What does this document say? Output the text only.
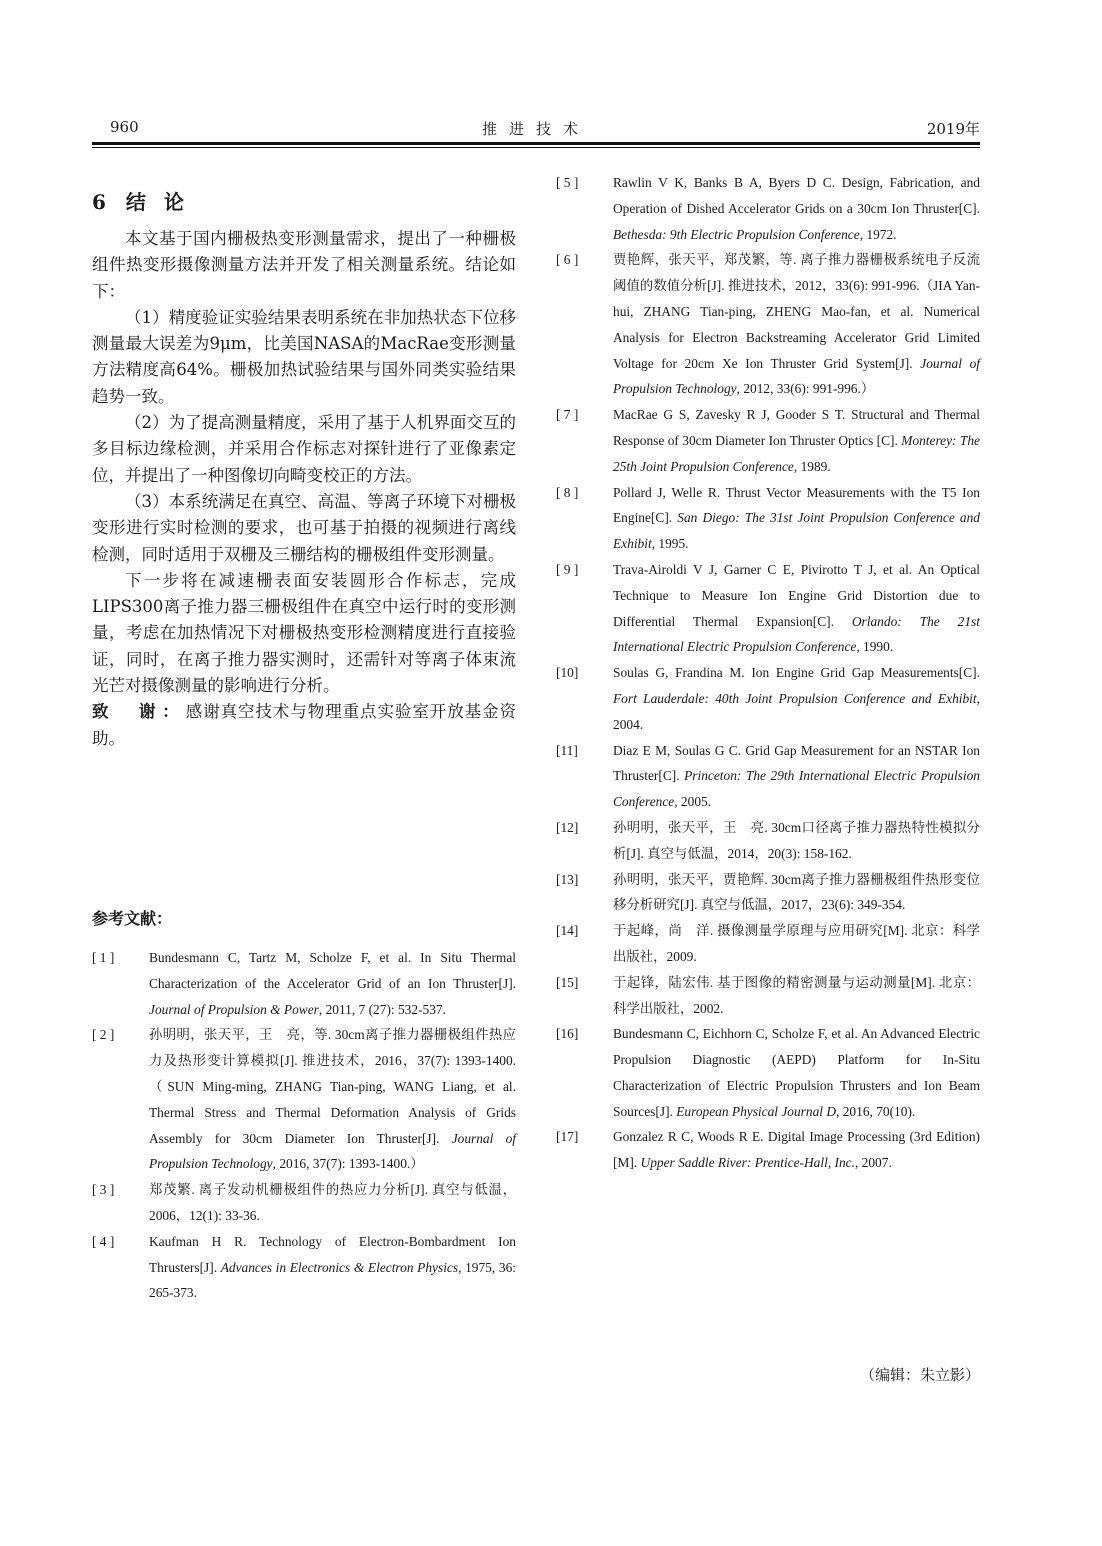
960	推进技术	2019年
6 结论

本文基于国内栅极热变形测量需求，提出了一种栅极组件热变形摄像测量方法并开发了相关测量系统。结论如下：

（1）精度验证实验结果表明系统在非加热状态下位移测量最大误差为9μm，比美国NASA的MacRae变形测量方法精度高64%。栅极加热试验结果与国外同类实验结果趋势一致。

（2）为了提高测量精度，采用了基于人机界面交互的多目标边缘检测，并采用合作标志对探针进行了亚像素定位，并提出了一种图像切向畸变校正的方法。

（3）本系统满足在真空、高温、等离子环境下对栅极变形进行实时检测的要求，也可基于拍摄的视频进行离线检测，同时适用于双栅及三栅结构的栅极组件变形测量。

下一步将在减速栅表面安装圆形合作标志，完成LIPS300离子推力器三栅极组件在真空中运行时的变形测量，考虑在加热情况下对栅极热变形检测精度进行直接验证，同时，在离子推力器实测时，还需针对等离子体束流光芒对摄像测量的影响进行分析。

致　谢：感谢真空技术与物理重点实验室开放基金资助。

参考文献：
[ 1 ]	Bundesmann C, Tartz M, Scholze F, et al. In Situ Thermal Characterization of the Accelerator Grid of an Ion Thruster[J]. Journal of Propulsion & Power, 2011, 7 (27): 532-537.
[ 2 ]	孙明明，张天平，王　亮，等. 30cm离子推力器栅极组件热应力及热形变计算模拟[J]. 推进技术，2016，37(7): 1393-1400.（SUN Ming-ming, ZHANG Tian-ping, WANG Liang, et al. Thermal Stress and Thermal Deformation Analysis of Grids Assembly for 30cm Diameter Ion Thruster[J]. Journal of Propulsion Technology, 2016, 37(7): 1393-1400.）
[ 3 ]	郑茂繁. 离子发动机栅极组件的热应力分析[J]. 真空与低温，2006，12(1): 33-36.
[ 4 ]	Kaufman H R. Technology of Electron-Bombardment Ion Thrusters[J]. Advances in Electronics & Electron Physics, 1975, 36: 265-373.
[ 5 ]	Rawlin V K, Banks B A, Byers D C. Design, Fabrication, and Operation of Dished Accelerator Grids on a 30cm Ion Thruster[C]. Bethesda: 9th Electric Propulsion Conference, 1972.
[ 6 ]	贾艳辉，张天平，郑茂繁，等. 离子推力器栅极系统电子反流阈值的数值分析[J]. 推进技术，2012，33(6): 991-996.（JIA Yan-hui, ZHANG Tian-ping, ZHENG Mao-fan, et al. Numerical Analysis for Electron Backstreaming Accelerator Grid Limited Voltage for 20cm Xe Ion Thruster Grid System[J]. Journal of Propulsion Technology, 2012, 33(6): 991-996.）
[ 7 ]	MacRae G S, Zavesky R J, Gooder S T. Structural and Thermal Response of 30cm Diameter Ion Thruster Optics [C]. Monterey: The 25th Joint Propulsion Conference, 1989.
[ 8 ]	Pollard J, Welle R. Thrust Vector Measurements with the T5 Ion Engine[C]. San Diego: The 31st Joint Propulsion Conference and Exhibit, 1995.
[ 9 ]	Trava-Airoldi V J, Garner C E, Pivirotto T J, et al. An Optical Technique to Measure Ion Engine Grid Distortion due to Differential Thermal Expansion[C]. Orlando: The 21st International Electric Propulsion Conference, 1990.
[10]	Soulas G, Frandina M. Ion Engine Grid Gap Measurements[C]. Fort Lauderdale: 40th Joint Propulsion Conference and Exhibit, 2004.
[11]	Diaz E M, Soulas G C. Grid Gap Measurement for an NSTAR Ion Thruster[C]. Princeton: The 29th International Electric Propulsion Conference, 2005.
[12]	孙明明，张天平，王　亮. 30cm口径离子推力器热特性模拟分析[J]. 真空与低温，2014，20(3): 158-162.
[13]	孙明明，张天平，贾艳辉. 30cm离子推力器栅极组件热形变位移分析研究[J]. 真空与低温，2017，23(6): 349-354.
[14]	于起峰，尚　洋. 摄像测量学原理与应用研究[M]. 北京：科学出版社，2009.
[15]	于起锋，陆宏伟. 基于图像的精密测量与运动测量[M]. 北京：科学出版社，2002.
[16]	Bundesmann C, Eichhorn C, Scholze F, et al. An Advanced Electric Propulsion Diagnostic (AEPD) Platform for In-Situ Characterization of Electric Propulsion Thrusters and Ion Beam Sources[J]. European Physical Journal D, 2016, 70(10).
[17]	Gonzalez R C, Woods R E. Digital Image Processing (3rd Edition)[M]. Upper Saddle River: Prentice-Hall, Inc., 2007.
（编辑：朱立影）
